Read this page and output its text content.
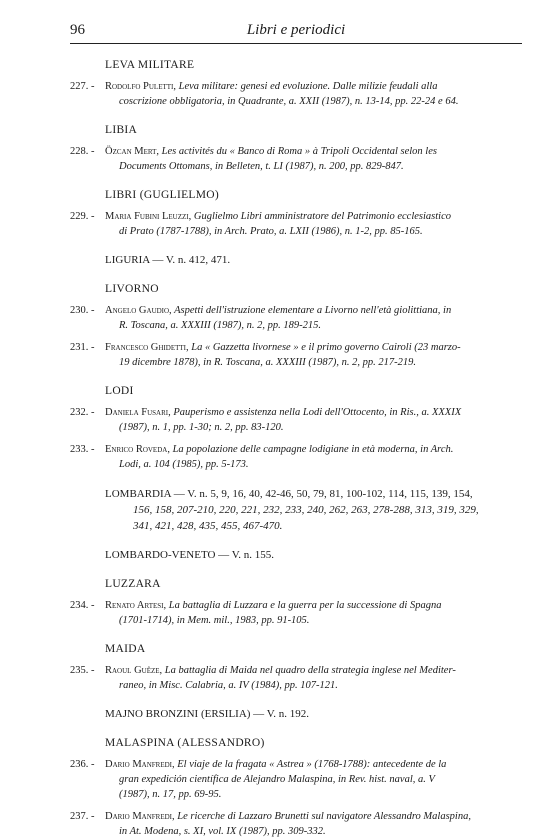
96	Libri e periodici
LEVA MILITARE
227. -	Rodolfo Puletti, Leva militare: genesi ed evoluzione. Dalle milizie feudali alla
coscrizione obbligatoria, in Quadrante, a. XXII (1987), n. 13-14, pp. 22-24 e 64.
LIBIA
228. -	Özcan Mert, Les activités du « Banco di Roma » à Tripoli Occidental selon les
Documents Ottomans, in Belleten, t. LI (1987), n. 200, pp. 829-847.
LIBRI (GUGLIELMO)
229. -	Maria Fubini Leuzzi, Guglielmo Libri amministratore del Patrimonio ecclesiastico
di Prato (1787-1788), in Arch. Prato, a. LXII (1986), n. 1-2, pp. 85-165.
LIGURIA — V. n. 412, 471.
LIVORNO
230. -	Angelo Gaudio, Aspetti dell'istruzione elementare a Livorno nell'età giolittiana, in
R. Toscana, a. XXXIII (1987), n. 2, pp. 189-215.
231. -	Francesco Ghidetti, La « Gazzetta livornese » e il primo governo Cairoli (23 marzo-
19 dicembre 1878), in R. Toscana, a. XXXIII (1987), n. 2, pp. 217-219.
LODI
232. -	Daniela Fusari, Pauperismo e assistenza nella Lodi dell'Ottocento, in Ris., a. XXXIX
(1987), n. 1, pp. 1-30; n. 2, pp. 83-120.
233. -	Enrico Roveda, La popolazione delle campagne lodigiane in età moderna, in Arch.
Lodi, a. 104 (1985), pp. 5-173.
LOMBARDIA — V. n. 5, 9, 16, 40, 42-46, 50, 79, 81, 100-102, 114, 115, 139, 154,
156, 158, 207-210, 220, 221, 232, 233, 240, 262, 263, 278-288, 313, 319, 329,
341, 421, 428, 435, 455, 467-470.
LOMBARDO-VENETO — V. n. 155.
LUZZARA
234. -	Renato Artesi, La battaglia di Luzzara e la guerra per la successione di Spagna
(1701-1714), in Mem. mil., 1983, pp. 91-105.
MAIDA
235. -	Raoul Guêze, La battaglia di Maida nel quadro della strategia inglese nel Mediter-
raneo, in Misc. Calabria, a. IV (1984), pp. 107-121.
MAJNO BRONZINI (ERSILIA) — V. n. 192.
MALASPINA (ALESSANDRO)
236. -	Dario Manfredi, El viaje de la fragata « Astrea » (1768-1788): antecedente de la
gran expedición científica de Alejandro Malaspina, in Rev. hist. naval, a. V
(1987), n. 17, pp. 69-95.
237. -	Dario Manfredi, Le ricerche di Lazzaro Brunetti sul navigatore Alessandro Malaspina,
in At. Modena, s. XI, vol. IX (1987), pp. 309-332.
